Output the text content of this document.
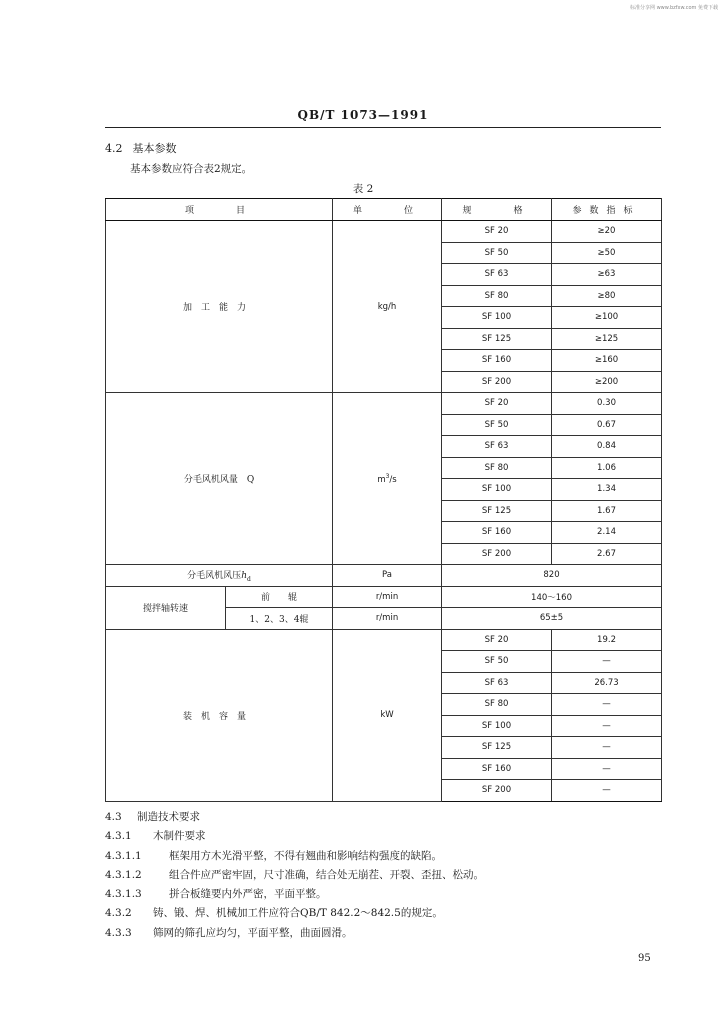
标准分享网 www.bzfxw.com 免费下载
QB/T 1073—1991
4.2 基本参数
基本参数应符合表2规定。
表 2
项　　目		单　　位	规　　格	参数指标
加工能力		kg/h	SF 20	≥20
			SF 50	≥50
			SF 63	≥63
			SF 80	≥80
			SF 100	≥100
			SF 125	≥125
			SF 160	≥160
			SF 200	≥200
分毛风机风量　Q		$m^3/s$	SF 20	0.30
			SF 50	0.67
			SF 63	0.84
			SF 80	1.06
			SF 100	1.34
			SF 125	1.67
			SF 160	2.14
			SF 200	2.67
分毛风机风压$h_d$		Pa	820	
搅拌轴转速	前　　辊	r/min	140～160	
	1、2、3、4辊	r/min	65±5	
装机容量		kW	SF 20	19.2
			SF 50	—
			SF 63	26.73
			SF 80	—
			SF 100	—
			SF 125	—
			SF 160	—
			SF 200	—
4.3 制造技术要求
4.3.1 木制件要求
4.3.1.1	框架用方木光滑平整，不得有翘曲和影响结构强度的缺陷。
4.3.1.2	组合件应严密牢固，尺寸准确，结合处无崩茬、开裂、歪扭、松动。
4.3.1.3	拼合板缝要内外严密，平面平整。
4.3.2 铸、锻、焊、机械加工件应符合QB/T 842.2～842.5的规定。
4.3.3 筛网的筛孔应均匀，平面平整，曲面圆滑。
95
